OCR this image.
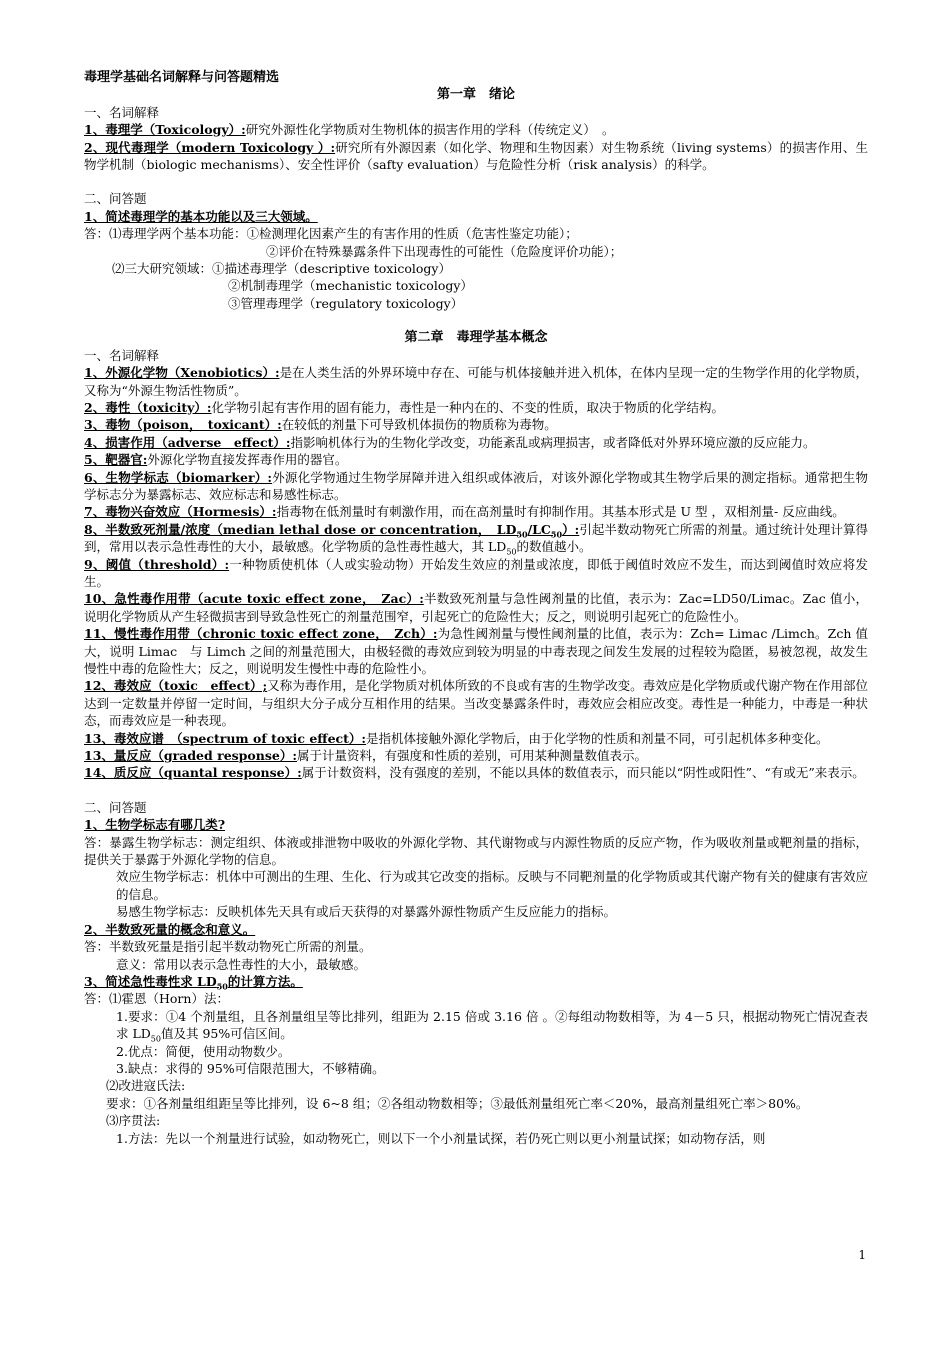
毒理学基础名词解释与问答题精选
第一章　绪论
一、名词解释

1、毒理学（Toxicology）:研究外源性化学物质对生物机体的损害作用的学科（传统定义）　。

2、现代毒理学（modern Toxicology ）:研究所有外源因素（如化学、物理和生物因素）对生物系统（living systems）的损害作用、生物学机制（biologic mechanisms）、安全性评价（safty evaluation）与危险性分析（risk analysis）的科学。

二、问答题

1、简述毒理学的基本功能以及三大领域。

答：⑴毒理学两个基本功能：①检测理化因素产生的有害作用的性质（危害性鉴定功能）；

②评价在特殊暴露条件下出现毒性的可能性（危险度评价功能）；

⑵三大研究领域：①描述毒理学（descriptive toxicology）

②机制毒理学（mechanistic toxicology）

③管理毒理学（regulatory toxicology）

第二章　毒理学基本概念
一、名词解释

1、外源化学物（Xenobiotics）:是在人类生活的外界环境中存在、可能与机体接触并进入机体，在体内呈现一定的生物学作用的化学物质，又称为“外源生物活性物质”。

2、毒性（toxicity）:化学物引起有害作用的固有能力，毒性是一种内在的、不变的性质，取决于物质的化学结构。

3、毒物（poison，　toxicant）:在较低的剂量下可导致机体损伤的物质称为毒物。

4、损害作用（adverse　effect）:指影响机体行为的生物化学改变，功能紊乱或病理损害，或者降低对外界环境应激的反应能力。

5、靶器官:外源化学物直接发挥毒作用的器官。

6、生物学标志（biomarker）:外源化学物通过生物学屏障并进入组织或体液后，对该外源化学物或其生物学后果的测定指标。通常把生物学标志分为暴露标志、效应标志和易感性标志。

7、毒物兴奋效应（Hormesis）:指毒物在低剂量时有刺激作用，而在高剂量时有抑制作用。其基本形式是 U 型 ，双相剂量- 反应曲线。

8、半数致死剂量/浓度（median lethal dose or concentration，　$LD_{50}/LC_{50}$）:引起半数动物死亡所需的剂量。通过统计处理计算得到，常用以表示急性毒性的大小，最敏感。化学物质的急性毒性越大，其 $LD_{50}$的数值越小。

9、阈值（threshold）:一种物质使机体（人或实验动物）开始发生效应的剂量或浓度，即低于阈值时效应不发生，而达到阈值时效应将发生。

10、急性毒作用带（acute toxic effect zone，　Zac）:半数致死剂量与急性阈剂量的比值，表示为：Zac=LD50/Limac。Zac 值小，说明化学物质从产生轻微损害到导致急性死亡的剂量范围窄，引起死亡的危险性大；反之，则说明引起死亡的危险性小。

11、慢性毒作用带（chronic toxic effect zone，　Zch）:为急性阈剂量与慢性阈剂量的比值，表示为：Zch= Limac /Limch。Zch 值大，说明 Limac　与 Limch 之间的剂量范围大，由极轻微的毒效应到较为明显的中毒表现之间发生发展的过程较为隐匿，易被忽视，故发生慢性中毒的危险性大；反之，则说明发生慢性中毒的危险性小。

12、毒效应（toxic　effect）;又称为毒作用，是化学物质对机体所致的不良或有害的生物学改变。毒效应是化学物质或代谢产物在作用部位达到一定数量并停留一定时间，与组织大分子成分互相作用的结果。当改变暴露条件时，毒效应会相应改变。毒性是一种能力，中毒是一种状态，而毒效应是一种表现。

13、毒效应谱　（spectrum of toxic effect）:是指机体接触外源化学物后，由于化学物的性质和剂量不同，可引起机体多种变化。

13、量反应（graded response）:属于计量资料，有强度和性质的差别，可用某种测量数值表示。

14、质反应（quantal response）:属于计数资料，没有强度的差别，不能以具体的数值表示，而只能以“阴性或阳性”、“有或无”来表示。

二、问答题

1、生物学标志有哪几类?

答：暴露生物学标志：测定组织、体液或排泄物中吸收的外源化学物、其代谢物或与内源性物质的反应产物，作为吸收剂量或靶剂量的指标，提供关于暴露于外源化学物的信息。

效应生物学标志：机体中可测出的生理、生化、行为或其它改变的指标。反映与不同靶剂量的化学物质或其代谢产物有关的健康有害效应的信息。

易感生物学标志：反映机体先天具有或后天获得的对暴露外源性物质产生反应能力的指标。

2、半数致死量的概念和意义。

答：半数致死量是指引起半数动物死亡所需的剂量。

意义：常用以表示急性毒性的大小，最敏感。

3、简述急性毒性求 $LD_{50}$的计算方法。

答：⑴霍恩（Horn）法：

1.要求：①4 个剂量组，且各剂量组呈等比排列，组距为 2.15 倍或 3.16 倍 。②每组动物数相等，为 4－5 只，根据动物死亡情况查表求 $LD_{50}$值及其 95%可信区间。

2.优点：简便，使用动物数少。

3.缺点：求得的 95%可信限范围大，不够精确。

⑵改进寇氏法:

要求：①各剂量组组距呈等比排列，设 6~8 组；②各组动物数相等；③最低剂量组死亡率＜20%，最高剂量组死亡率＞80%。

⑶序贯法:

1.方法：先以一个剂量进行试验，如动物死亡，则以下一个小剂量试探，若仍死亡则以更小剂量试探；如动物存活，则

1
